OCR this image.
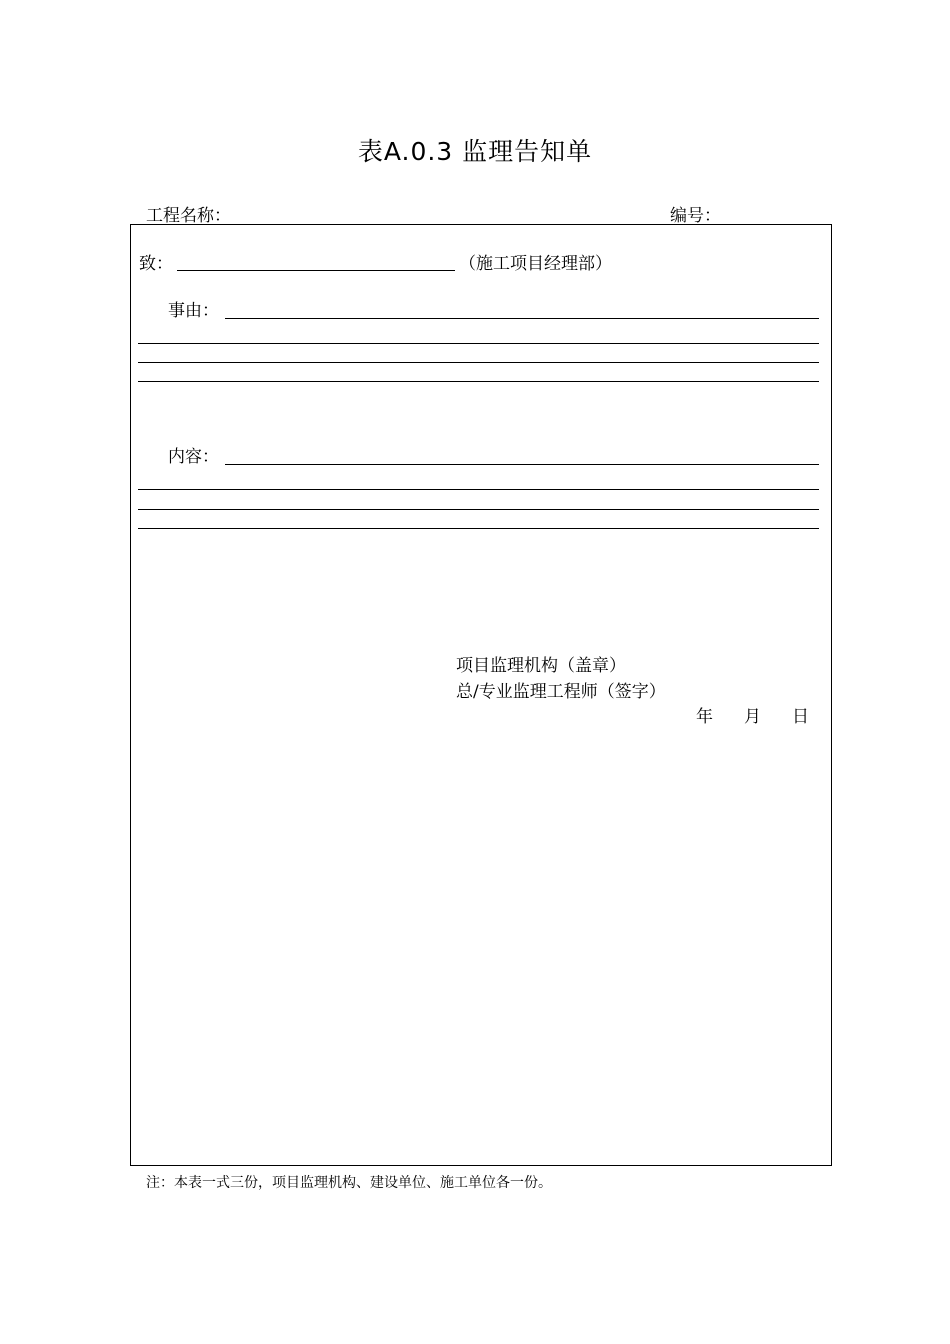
表A.0.3 监理告知单
工程名称：	编号：
致：	（施工项目经理部）
事由：
内容：
项目监理机构（盖章）
总/专业监理工程师（签字）
年 月 日
注：本表一式三份，项目监理机构、建设单位、施工单位各一份。
